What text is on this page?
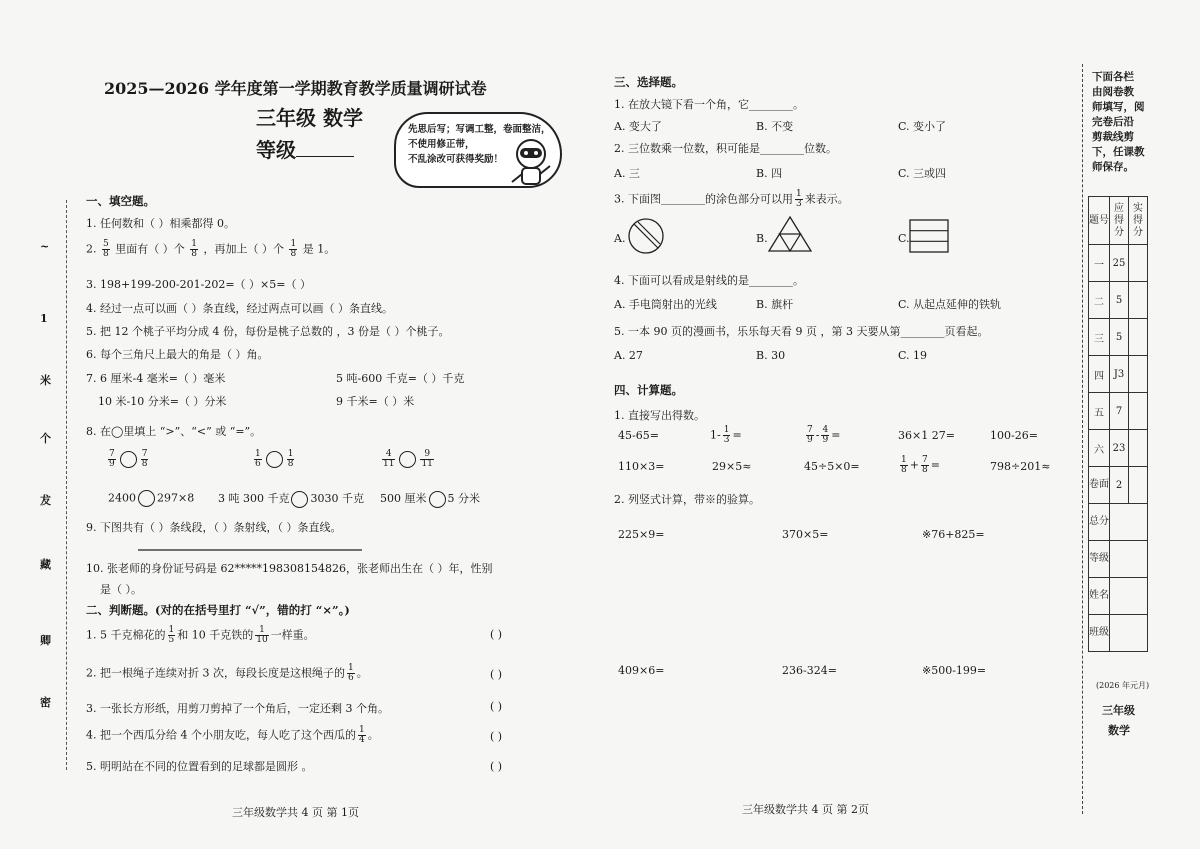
2025—2026 学年度第一学期教育教学质量调研试卷
三年级 数学
等级
先思后写；写调工整，卷面整洁，
不使用修正带，
不乱涂改可获得奖励！
~
1
米
个
犮
藏
卿
密
一、填空题。
1. 任何数和（ ）相乘都得 0。
2. $\frac{5}{8}$ 里面有（ ）个 $\frac{1}{8}$ ，再加上（ ）个 $\frac{1}{8}$ 是 1。
3. 198+199-200-201-202=（ ）×5=（ ）
4. 经过一点可以画（ ）条直线，经过两点可以画（ ）条直线。
5. 把 12 个桃子平均分成 4 份，每份是桃子总数的 ，3 份是（ ）个桃子。
6. 每个三角尺上最大的角是（ ）角。
7. 6 厘米-4 毫米=（ ）毫米	5 吨-600 千克=（ ）千克
10 米-10 分米=（ ）分米	9 千米=（ ）米
8. 在◯里填上 “>”、“<” 或 “=”。
$\frac{7}{9}$	$\frac{7}{8}$	$\frac{1}{6}$	$\frac{1}{8}$	$\frac{4}{11}$	$\frac{9}{11}$
2400 297×8 3 吨 300 千克 3030 千克 500 厘米 5 分米
9. 下图共有（ ）条线段，（ ）条射线，（ ）条直线。
10. 张老师的身份证号码是 62*****19830815​4826，张老师出生在（ ）年，性别
是（ ）。
二、判断题。(对的在括号里打 “√”，错的打 “×”。)
1. 5 千克棉花的 $\frac{1}{5}$ 和 10 千克铁的 $\frac{1}{10}$ 一样重。
2. 把一根绳子连续对折 3 次，每段长度是这根绳子的 $\frac{1}{6}$ 。
3. 一张长方形纸，用剪刀剪掉了一个角后，一定还剩 3 个角。
4. 把一个西瓜分给 4 个小朋友吃，每人吃了这个西瓜的 $\frac{1}{4}$ 。
5. 明明站在不同的位置看到的足球都是圆形 。
( )
( )
( )
( )
( )
三年级数学共 4 页 第 1页
三、选择题。
1. 在放大镜下看一个角，它________。
A. 变大了	B. 不变	C. 变小了
2. 三位数乘一位数，积可能是________位数。
A. 三	B. 四	C. 三或四
3. 下面图________的涂色部分可以用 $\frac{1}{3}$ 来表示。
A.	B.	C.
4. 下面可以看成是射线的是________。
A. 手电筒射出的光线	B. 旗杆	C. 从起点延伸的铁轨
5. 一本 90 页的漫画书，乐乐每天看 9 页 ，第 3 天要从第________页看起。
A. 27	B. 30	C. 19
四、计算题。
1. 直接写出得数。
45-65=	$1- \frac{1}{3}$ =	$\frac{7}{9} - \frac{4}{9}$ =	36×1 27=	100-26=
110×3=	29×5≈	45÷5×0=	$\frac{1}{8} + \frac{7}{8}$ =	798÷201≈
2. 列竖式计算，带※的验算。
225×9=	370×5=	※76+825=
409×6=	236-324=	※500-199=
三年级数学共 4 页 第 2页
下面各栏
由阅卷教
师填写，阅
完卷后沿
剪裁线剪
下，任课教
师保存。
题号	应得分	实得分
一	25	
二	5	
三	5	
四	J3	
五	7	
六	23	
卷面	2	
总分		
等级		
姓名		
班级		
(2026 年元月)
三年级
数学
